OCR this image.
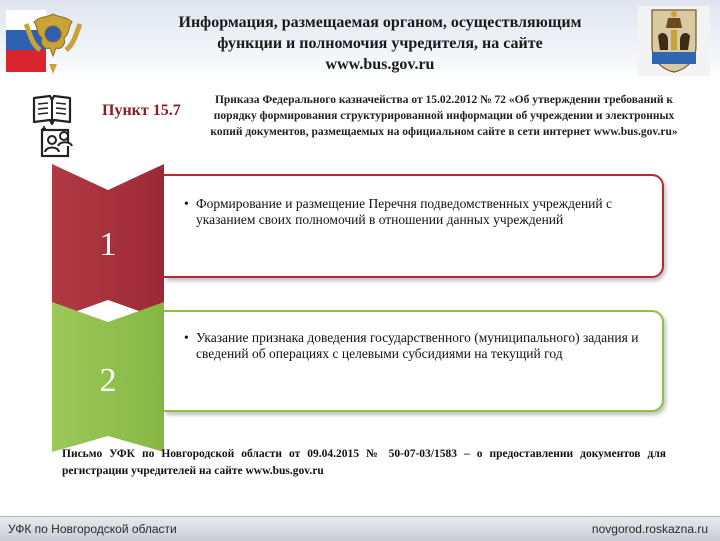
Информация, размещаемая органом, осуществляющим
функции и полномочия учредителя, на сайте
www.bus.gov.ru
Пункт 15.7
Приказа Федерального казначейства от 15.02.2012 № 72 «Об утверждении требований к порядку формирования структурированной информации об учреждении и электронных копий документов, размещаемых на официальном сайте в сети интернет www.bus.gov.ru»
1
• Формирование и размещение Перечня подведомственных учреждений с указанием своих полномочий в отношении данных учреждений
2
• Указание признака доведения государственного (муниципального) задания и сведений об операциях с целевыми субсидиями на текущий год
Письмо УФК по Новгородской области от 09.04.2015 № 50-07-03/1583 – о предоставлении документов для регистрации учредителей на сайте www.bus.gov.ru
УФК по Новгородской области	novgorod.roskazna.ru
